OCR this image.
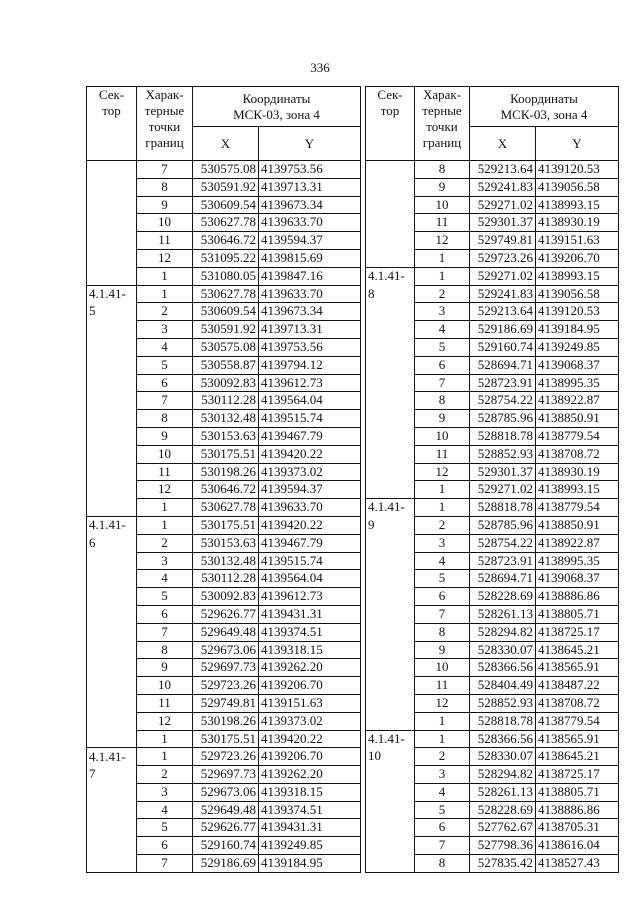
336
Сек-
тор	Харак-
терные
точки
границ	Координаты
МСК-03, зона 4	
		X	Y
	7	530575.08	4139753.56
	8	530591.92	4139713.31
	9	530609.54	4139673.34
	10	530627.78	4139633.70
	11	530646.72	4139594.37
	12	531095.22	4139815.69
	1	531080.05	4139847.16
4.1.41-	1	530627.78	4139633.70
5	2	530609.54	4139673.34
	3	530591.92	4139713.31
	4	530575.08	4139753.56
	5	530558.87	4139794.12
	6	530092.83	4139612.73
	7	530112.28	4139564.04
	8	530132.48	4139515.74
	9	530153.63	4139467.79
	10	530175.51	4139420.22
	11	530198.26	4139373.02
	12	530646.72	4139594.37
	1	530627.78	4139633.70
4.1.41-	1	530175.51	4139420.22
6	2	530153.63	4139467.79
	3	530132.48	4139515.74
	4	530112.28	4139564.04
	5	530092.83	4139612.73
	6	529626.77	4139431.31
	7	529649.48	4139374.51
	8	529673.06	4139318.15
	9	529697.73	4139262.20
	10	529723.26	4139206.70
	11	529749.81	4139151.63
	12	530198.26	4139373.02
	1	530175.51	4139420.22
4.1.41-	1	529723.26	4139206.70
7	2	529697.73	4139262.20
	3	529673.06	4139318.15
	4	529649.48	4139374.51
	5	529626.77	4139431.31
	6	529160.74	4139249.85
	7	529186.69	4139184.95
Сек-
тор	Харак-
терные
точки
границ	Координаты
МСК-03, зона 4	
		X	Y
	8	529213.64	4139120.53
	9	529241.83	4139056.58
	10	529271.02	4138993.15
	11	529301.37	4138930.19
	12	529749.81	4139151.63
	1	529723.26	4139206.70
4.1.41-	1	529271.02	4138993.15
8	2	529241.83	4139056.58
	3	529213.64	4139120.53
	4	529186.69	4139184.95
	5	529160.74	4139249.85
	6	528694.71	4139068.37
	7	528723.91	4138995.35
	8	528754.22	4138922.87
	9	528785.96	4138850.91
	10	528818.78	4138779.54
	11	528852.93	4138708.72
	12	529301.37	4138930.19
	1	529271.02	4138993.15
4.1.41-	1	528818.78	4138779.54
9	2	528785.96	4138850.91
	3	528754.22	4138922.87
	4	528723.91	4138995.35
	5	528694.71	4139068.37
	6	528228.69	4138886.86
	7	528261.13	4138805.71
	8	528294.82	4138725.17
	9	528330.07	4138645.21
	10	528366.56	4138565.91
	11	528404.49	4138487.22
	12	528852.93	4138708.72
	1	528818.78	4138779.54
4.1.41-	1	528366.56	4138565.91
10	2	528330.07	4138645.21
	3	528294.82	4138725.17
	4	528261.13	4138805.71
	5	528228.69	4138886.86
	6	527762.67	4138705.31
	7	527798.36	4138616.04
	8	527835.42	4138527.43
